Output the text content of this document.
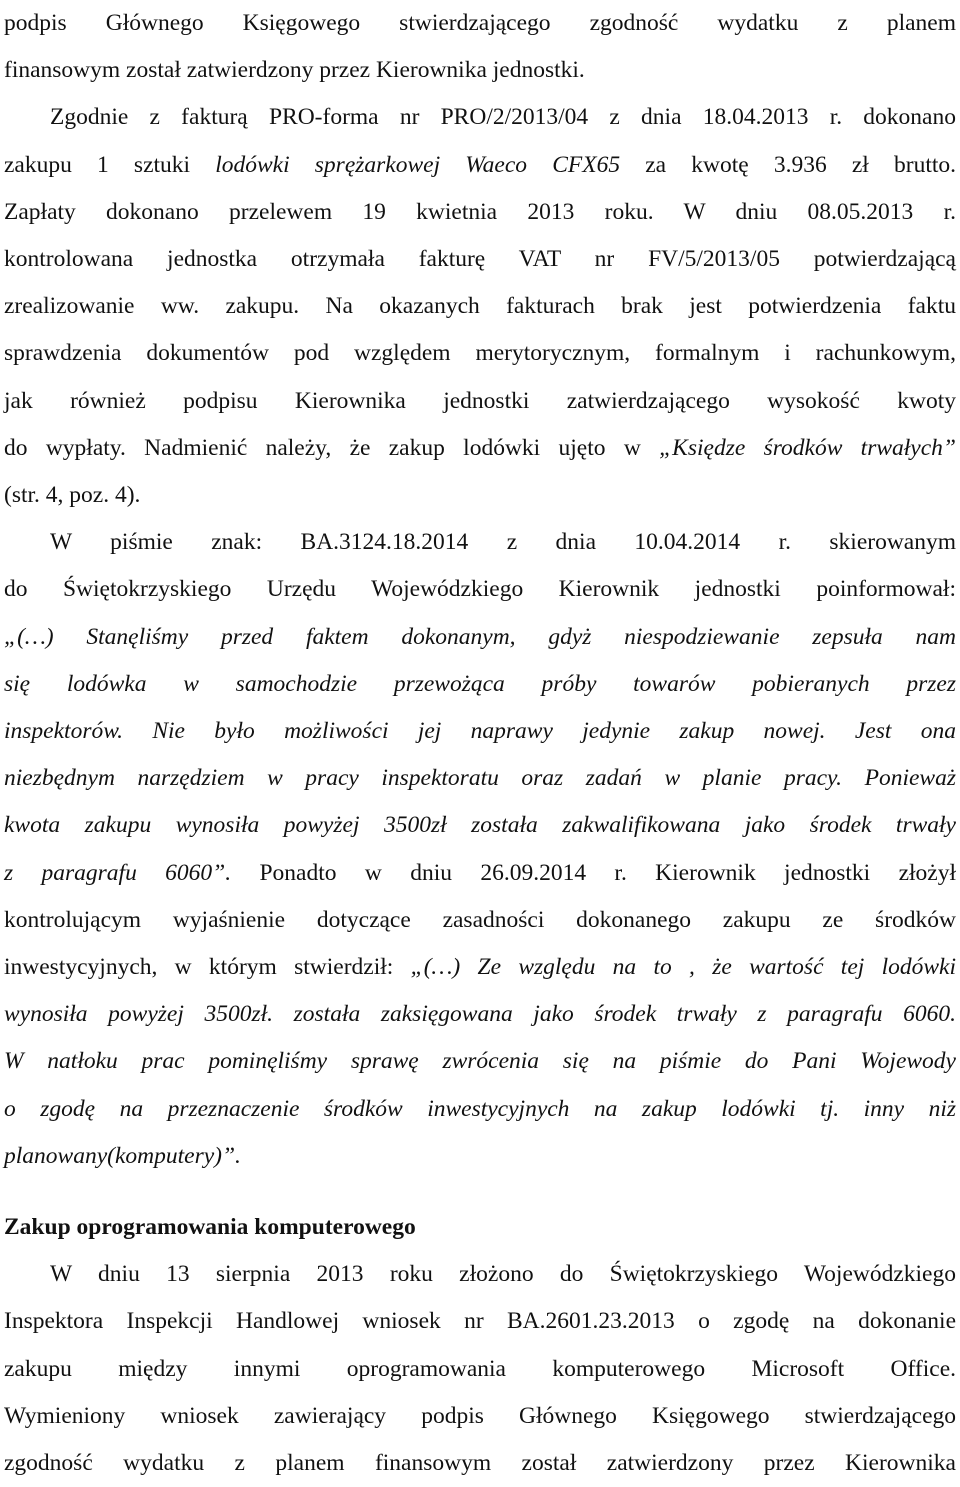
podpis Głównego Księgowego stwierdzającego zgodność wydatku z planem
finansowym został zatwierdzony przez Kierownika jednostki.
Zgodnie z fakturą PRO-forma nr PRO/2/2013/04 z dnia 18.04.2013 r. dokonano
zakupu 1 sztuki lodówki sprężarkowej Waeco CFX65 za kwotę 3.936 zł brutto.
Zapłaty dokonano przelewem 19 kwietnia 2013 roku. W dniu 08.05.2013 r.
kontrolowana jednostka otrzymała fakturę VAT nr FV/5/2013/05 potwierdzającą
zrealizowanie ww. zakupu. Na okazanych fakturach brak jest potwierdzenia faktu
sprawdzenia dokumentów pod względem merytorycznym, formalnym i rachunkowym,
jak również podpisu Kierownika jednostki zatwierdzającego wysokość kwoty
do wypłaty. Nadmienić należy, że zakup lodówki ujęto w „Księdze środków trwałych”
(str. 4, poz. 4).
W piśmie znak: BA.3124.18.2014 z dnia 10.04.2014 r. skierowanym
do Świętokrzyskiego Urzędu Wojewódzkiego Kierownik jednostki poinformował:
„(…) Stanęliśmy przed faktem dokonanym, gdyż niespodziewanie zepsuła nam
się lodówka w samochodzie przewożąca próby towarów pobieranych przez
inspektorów. Nie było możliwości jej naprawy jedynie zakup nowej. Jest ona
niezbędnym narzędziem w pracy inspektoratu oraz zadań w planie pracy. Ponieważ
kwota zakupu wynosiła powyżej 3500zł została zakwalifikowana jako środek trwały
z paragrafu 6060”. Ponadto w dniu 26.09.2014 r. Kierownik jednostki złożył
kontrolującym wyjaśnienie dotyczące zasadności dokonanego zakupu ze środków
inwestycyjnych, w którym stwierdził: „(…) Ze względu na to , że wartość tej lodówki
wynosiła powyżej 3500zł. została zaksięgowana jako środek trwały z paragrafu 6060.
W natłoku prac pominęliśmy sprawę zwrócenia się na piśmie do Pani Wojewody
o zgodę na przeznaczenie środków inwestycyjnych na zakup lodówki tj. inny niż
planowany(komputery)”.
Zakup oprogramowania komputerowego
W dniu 13 sierpnia 2013 roku złożono do Świętokrzyskiego Wojewódzkiego
Inspektora Inspekcji Handlowej wniosek nr BA.2601.23.2013 o zgodę na dokonanie
zakupu między innymi oprogramowania komputerowego Microsoft Office.
Wymieniony wniosek zawierający podpis Głównego Księgowego stwierdzającego
zgodność wydatku z planem finansowym został zatwierdzony przez Kierownika
